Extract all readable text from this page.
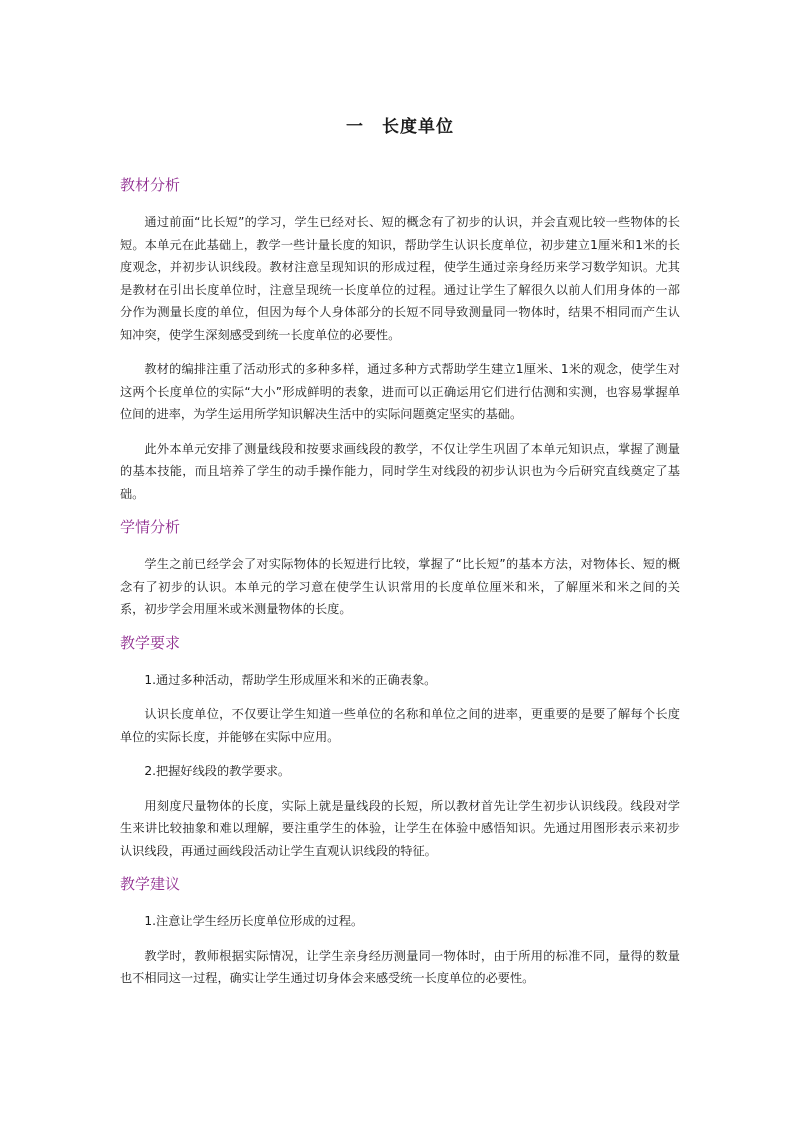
一　长度单位
教材分析

通过前面“比长短”的学习，学生已经对长、短的概念有了初步的认识，并会直观比较一些物体的长短。本单元在此基础上，教学一些计量长度的知识，帮助学生认识长度单位，初步建立1厘米和1米的长度观念，并初步认识线段。教材注意呈现知识的形成过程，使学生通过亲身经历来学习数学知识。尤其是教材在引出长度单位时，注意呈现统一长度单位的过程。通过让学生了解很久以前人们用身体的一部分作为测量长度的单位，但因为每个人身体部分的长短不同导致测量同一物体时，结果不相同而产生认知冲突，使学生深刻感受到统一长度单位的必要性。

教材的编排注重了活动形式的多种多样，通过多种方式帮助学生建立1厘米、1米的观念，使学生对这两个长度单位的实际“大小”形成鲜明的表象，进而可以正确运用它们进行估测和实测，也容易掌握单位间的进率，为学生运用所学知识解决生活中的实际问题奠定坚实的基础。

此外本单元安排了测量线段和按要求画线段的教学，不仅让学生巩固了本单元知识点，掌握了测量的基本技能，而且培养了学生的动手操作能力，同时学生对线段的初步认识也为今后研究直线奠定了基础。

学情分析

学生之前已经学会了对实际物体的长短进行比较，掌握了“比长短”的基本方法，对物体长、短的概念有了初步的认识。本单元的学习意在使学生认识常用的长度单位厘米和米，了解厘米和米之间的关系，初步学会用厘米或米测量物体的长度。

教学要求

1.通过多种活动，帮助学生形成厘米和米的正确表象。

认识长度单位，不仅要让学生知道一些单位的名称和单位之间的进率，更重要的是要了解每个长度单位的实际长度，并能够在实际中应用。

2.把握好线段的教学要求。

用刻度尺量物体的长度，实际上就是量线段的长短，所以教材首先让学生初步认识线段。线段对学生来讲比较抽象和难以理解，要注重学生的体验，让学生在体验中感悟知识。先通过用图形表示来初步认识线段，再通过画线段活动让学生直观认识线段的特征。

教学建议

1.注意让学生经历长度单位形成的过程。

教学时，教师根据实际情况，让学生亲身经历测量同一物体时，由于所用的标准不同，量得的数量也不相同这一过程，确实让学生通过切身体会来感受统一长度单位的必要性。
